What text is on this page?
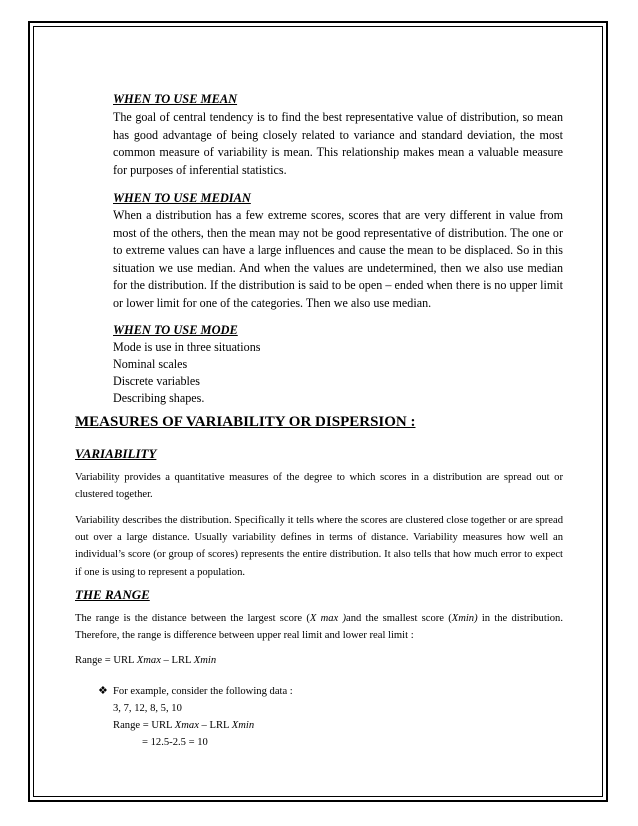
WHEN TO USE MEAN

The goal of central tendency is to find the best representative value of distribution, so mean has good advantage of being closely related to variance and standard deviation, the most common measure of variability is mean. This relationship makes mean a valuable measure for purposes of inferential statistics.

WHEN TO USE MEDIAN

When a distribution has a few extreme scores, scores that are very different in value from most of the others, then the mean may not be good representative of distribution. The one or to extreme values can have a large influences and cause the mean to be displaced. So in this situation we use median. And when the values are undetermined, then we also use median for the distribution. If the distribution is said to be open – ended when there is no upper limit or lower limit for one of the categories. Then we also use median.

WHEN TO USE MODE
Mode is use in three situations
Nominal scales
Discrete variables
Describing shapes.
MEASURES OF VARIABILITY OR DISPERSION :
VARIABILITY

Variability provides a quantitative measures of the degree to which scores in a distribution are spread out or clustered together.

Variability describes the distribution. Specifically it tells where the scores are clustered close together or are spread out over a large distance. Usually variability defines in terms of distance. Variability measures how well an individual’s score (or group of scores) represents the entire distribution. It also tells that how much error to expect if one is using to represent a population.

THE RANGE

The range is the distance between the largest score (X max )and the smallest score (Xmin) in the distribution. Therefore, the range is difference between upper real limit and lower real limit :

Range = URL Xmax – LRL Xmin
❖ For example, consider the following data :
3, 7, 12, 8, 5, 10
Range = URL Xmax – LRL Xmin
= 12.5-2.5 = 10
